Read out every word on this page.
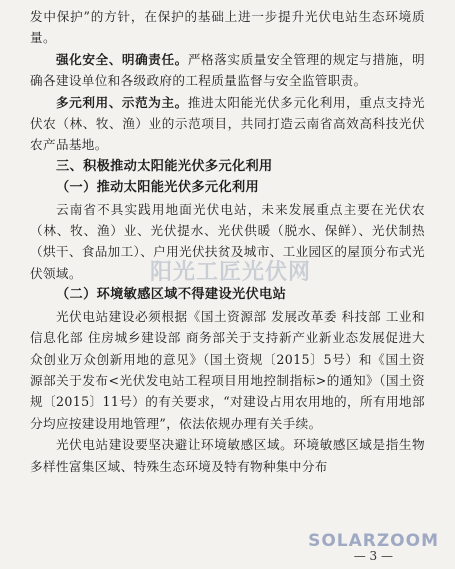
发中保护”的方针，在保护的基础上进一步提升光伏电站生态环境质量。

强化安全、明确责任。严格落实质量安全管理的规定与措施，明确各建设单位和各级政府的工程质量监督与安全监管职责。

多元利用、示范为主。推进太阳能光伏多元化利用，重点支持光伏农（林、牧、渔）业的示范项目，共同打造云南省高效高科技光伏农产品基地。

三、积极推动太阳能光伏多元化利用

（一）推动太阳能光伏多元化利用

云南省不具实践用地面光伏电站，未来发展重点主要在光伏农（林、牧、渔）业、光伏提水、光伏供暖（脱水、保鲜）、光伏制热（烘干、食品加工）、户用光伏扶贫及城市、工业园区的屋顶分布式光伏领域。

（二）环境敏感区域不得建设光伏电站

光伏电站建设必须根据《国土资源部 发展改革委 科技部 工业和信息化部 住房城乡建设部 商务部关于支持新产业新业态发展促进大众创业万众创新用地的意见》（国土资规〔2015〕5号）和《国土资源部关于发布<光伏发电站工程项目用地控制指标>的通知》（国土资规〔2015〕11号）的有关要求，“对建设占用农用地的，所有用地部分均应按建设用地管理”，依法依规办理有关手续。

光伏电站建设要坚决避让环境敏感区域。环境敏感区域是指生物多样性富集区域、特殊生态环境及特有物种集中分布

阳光工匠光伏网
SOLARZOOM
— 3 —
